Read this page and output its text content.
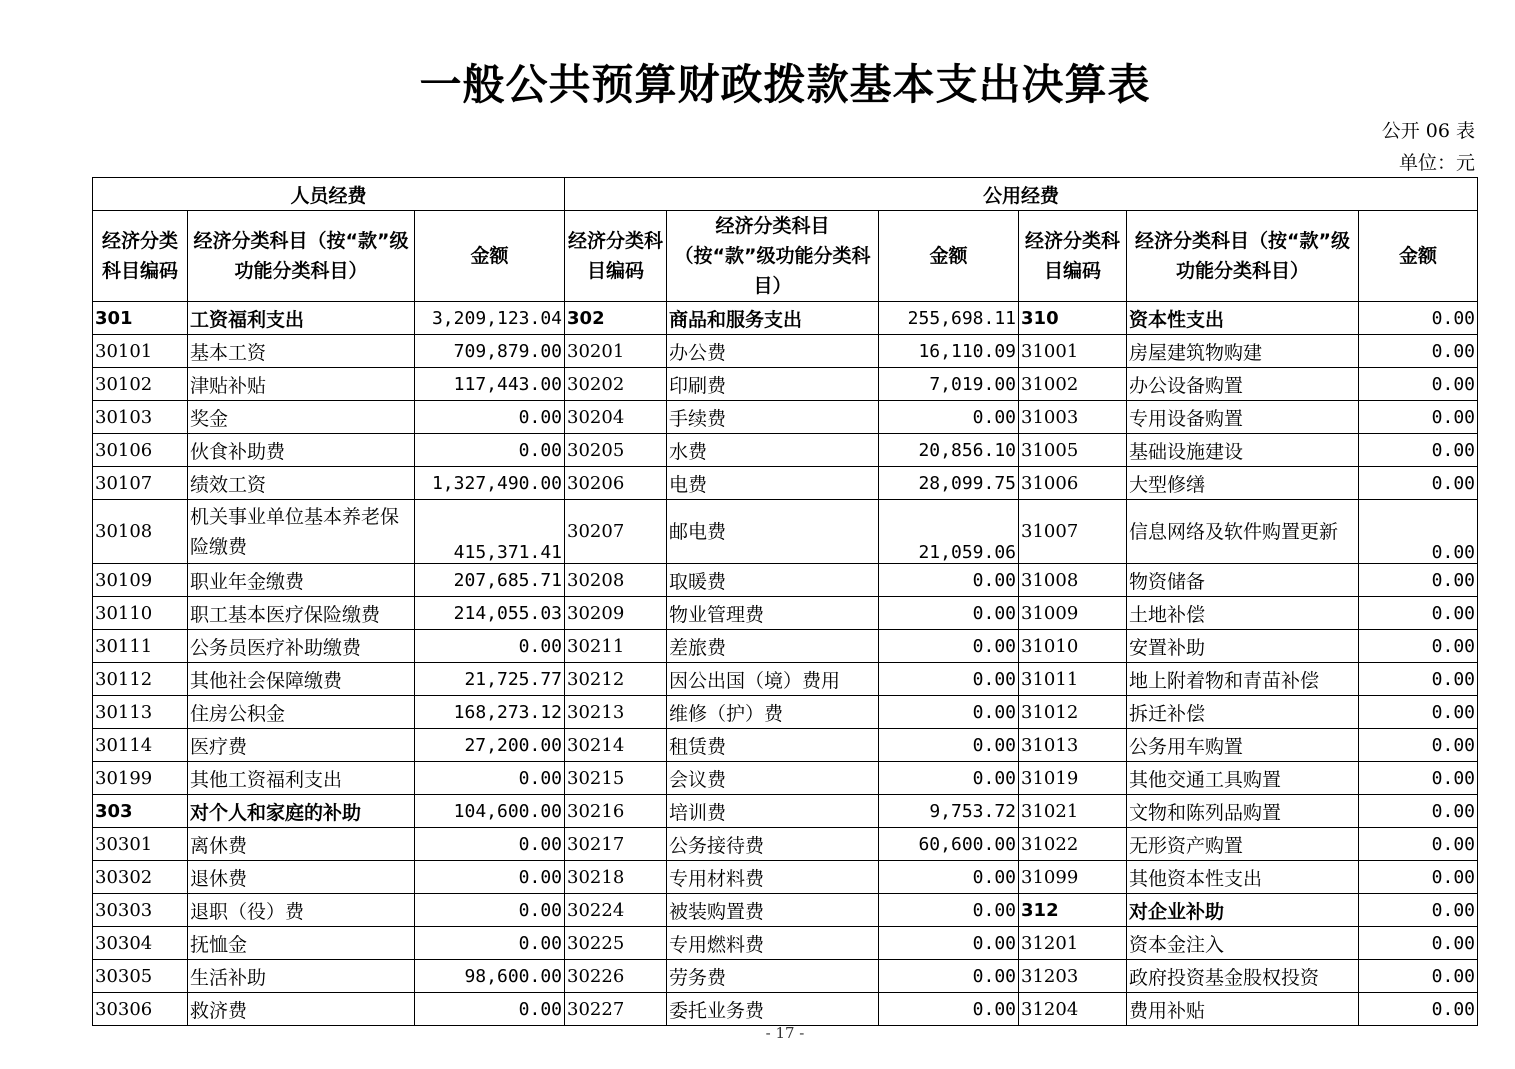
一般公共预算财政拨款基本支出决算表
公开 06 表
单位：元
人员经费			公用经费					
经济分类科目编码	经济分类科目（按“款”级功能分类科目）	金额	经济分类科目编码	经济分类科目（按“款”级功能分类科目）	金额	经济分类科目编码	经济分类科目（按“款”级功能分类科目）	金额
301	工资福利支出	3,209,123.04	302	商品和服务支出	255,698.11	310	资本性支出	0.00
30101	基本工资	709,879.00	30201	办公费	16,110.09	31001	房屋建筑物购建	0.00
30102	津贴补贴	117,443.00	30202	印刷费	7,019.00	31002	办公设备购置	0.00
30103	奖金	0.00	30204	手续费	0.00	31003	专用设备购置	0.00
30106	伙食补助费	0.00	30205	水费	20,856.10	31005	基础设施建设	0.00
30107	绩效工资	1,327,490.00	30206	电费	28,099.75	31006	大型修缮	0.00
30108	机关事业单位基本养老保险缴费	415,371.41	30207	邮电费	21,059.06	31007	信息网络及软件购置更新	0.00
30109	职业年金缴费	207,685.71	30208	取暖费	0.00	31008	物资储备	0.00
30110	职工基本医疗保险缴费	214,055.03	30209	物业管理费	0.00	31009	土地补偿	0.00
30111	公务员医疗补助缴费	0.00	30211	差旅费	0.00	31010	安置补助	0.00
30112	其他社会保障缴费	21,725.77	30212	因公出国（境）费用	0.00	31011	地上附着物和青苗补偿	0.00
30113	住房公积金	168,273.12	30213	维修（护）费	0.00	31012	拆迁补偿	0.00
30114	医疗费	27,200.00	30214	租赁费	0.00	31013	公务用车购置	0.00
30199	其他工资福利支出	0.00	30215	会议费	0.00	31019	其他交通工具购置	0.00
303	对个人和家庭的补助	104,600.00	30216	培训费	9,753.72	31021	文物和陈列品购置	0.00
30301	离休费	0.00	30217	公务接待费	60,600.00	31022	无形资产购置	0.00
30302	退休费	0.00	30218	专用材料费	0.00	31099	其他资本性支出	0.00
30303	退职（役）费	0.00	30224	被装购置费	0.00	312	对企业补助	0.00
30304	抚恤金	0.00	30225	专用燃料费	0.00	31201	资本金注入	0.00
30305	生活补助	98,600.00	30226	劳务费	0.00	31203	政府投资基金股权投资	0.00
30306	救济费	0.00	30227	委托业务费	0.00	31204	费用补贴	0.00
- 17 -
